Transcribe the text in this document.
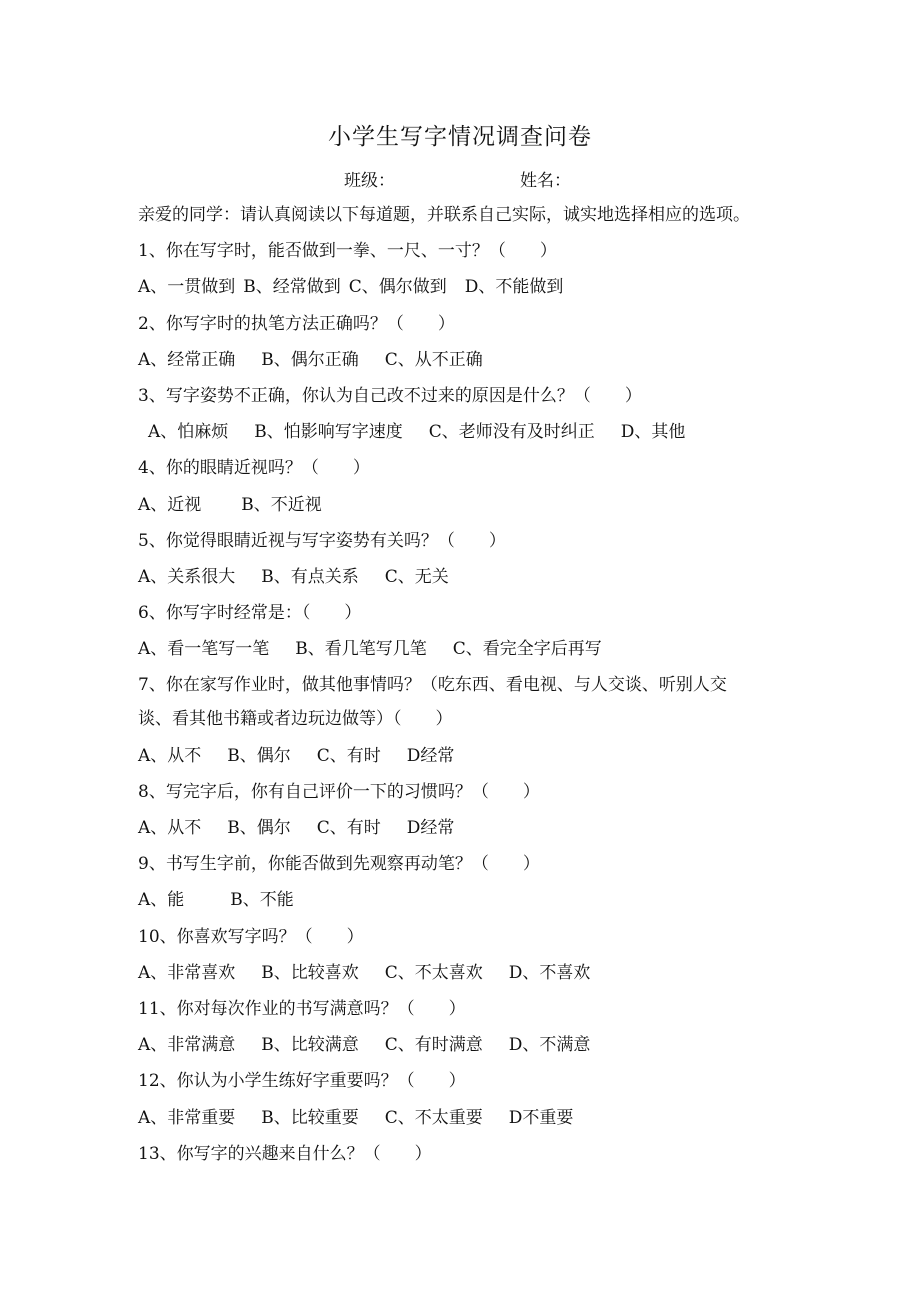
小学生写字情况调查问卷
班级：	姓名：
亲爱的同学：请认真阅读以下每道题，并联系自己实际，诚实地选择相应的选项。
1、你在写字时，能否做到一拳、一尺、一寸？（　　）
A、一贯做到 B、经常做到 C、偶尔做到 D、不能做到
2、你写字时的执笔方法正确吗？（　　）
A、经常正确 B、偶尔正确 C、从不正确
3、写字姿势不正确，你认为自己改不过来的原因是什么？（　　）
A、怕麻烦 B、怕影响写字速度 C、老师没有及时纠正 D、其他
4、你的眼睛近视吗？（　　）
A、近视 B、不近视
5、你觉得眼睛近视与写字姿势有关吗？（　　）
A、关系很大 B、有点关系 C、无关
6、你写字时经常是：（　　）
A、看一笔写一笔 B、看几笔写几笔 C、看完全字后再写
7、你在家写作业时，做其他事情吗？（吃东西、看电视、与人交谈、听别人交
谈、看其他书籍或者边玩边做等）（　　）
A、从不 B、偶尔 C、有时 D经常
8、写完字后，你有自己评价一下的习惯吗？（　　）
A、从不 B、偶尔 C、有时 D经常
9、书写生字前，你能否做到先观察再动笔？（　　）
A、能	B、不能
10、你喜欢写字吗？（　　）
A、非常喜欢 B、比较喜欢 C、不太喜欢 D、不喜欢
11、你对每次作业的书写满意吗？（　　）
A、非常满意 B、比较满意 C、有时满意 D、不满意
12、你认为小学生练好字重要吗？（　　）
A、非常重要 B、比较重要 C、不太重要 D不重要
13、你写字的兴趣来自什么？（　　）
